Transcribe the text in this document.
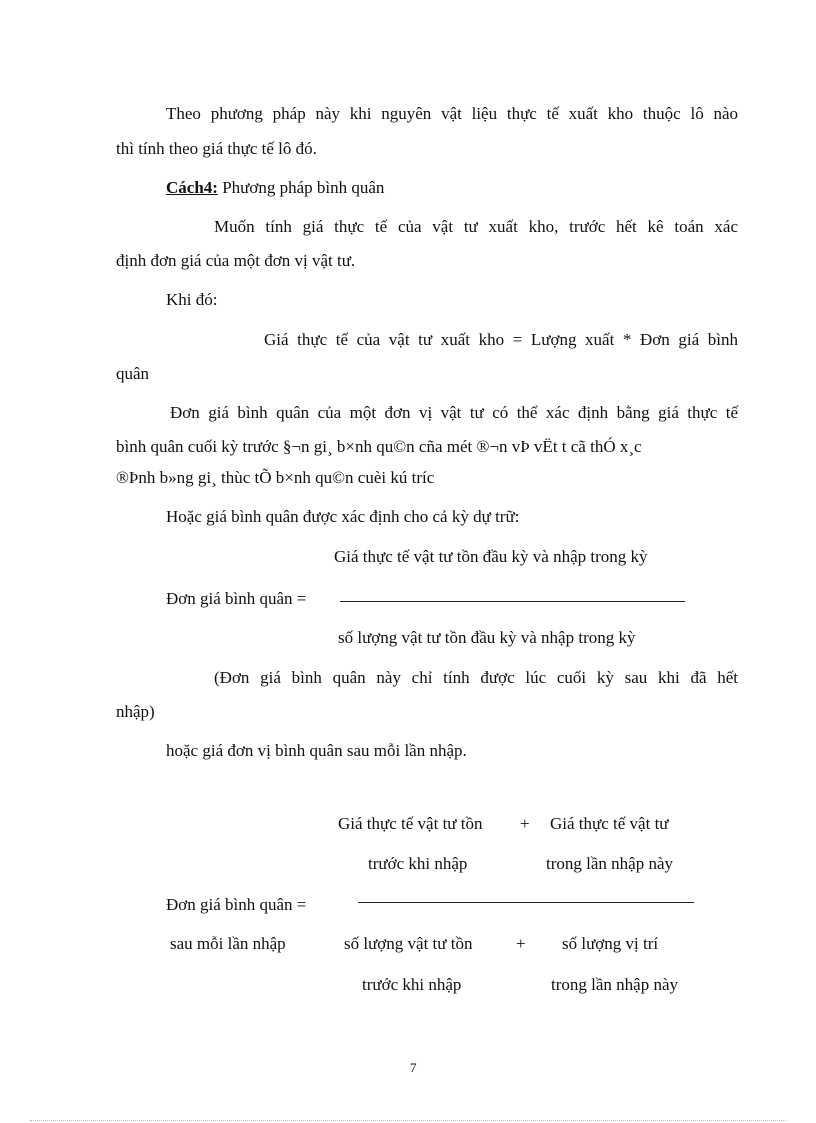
Theo phương pháp này khi nguyên vật liệu thực tế xuất kho thuộc lô nào
thì tính theo giá thực tế lô đó.
Cách4: Phương pháp bình quân
Muốn tính giá thực tế của vật tư xuất kho, trước hết kê toán xác
định đơn giá của một đơn vị vật tư.
Khi đó:
Giá thực tế của vật tư xuất kho = Lượng xuất * Đơn giá bình
quân
Đơn giá bình quân của một đơn vị vật tư có thể xác định bằng giá thực tế
bình quân cuối kỳ trước §¬n gi¸ b×nh qu©n cña mét ®¬n vÞ vËt t cã thÓ x¸c
®Þnh b»ng gi¸ thùc tÕ b×nh qu©n cuèi kú tríc
Hoặc giá bình quân được xác định cho cả kỳ dự trữ:
Giá thực tế vật tư tồn đầu kỳ và nhập trong kỳ
Đơn giá bình quân =
số lượng vật tư tồn đầu kỳ và nhập trong kỳ
(Đơn giá bình quân này chỉ tính được lúc cuối kỳ sau khi đã hết
nhập)
hoặc giá đơn vị bình quân sau mỗi lần nhập.
Giá thực tế vật tư tồn + Giá thực tế vật tư
trước khi nhập	trong lần nhập này
Đơn giá bình quân =
sau mỗi lần nhập	số lượng vật tư tồn	+ số lượng vị trí
trước khi nhập	trong lần nhập này
7
